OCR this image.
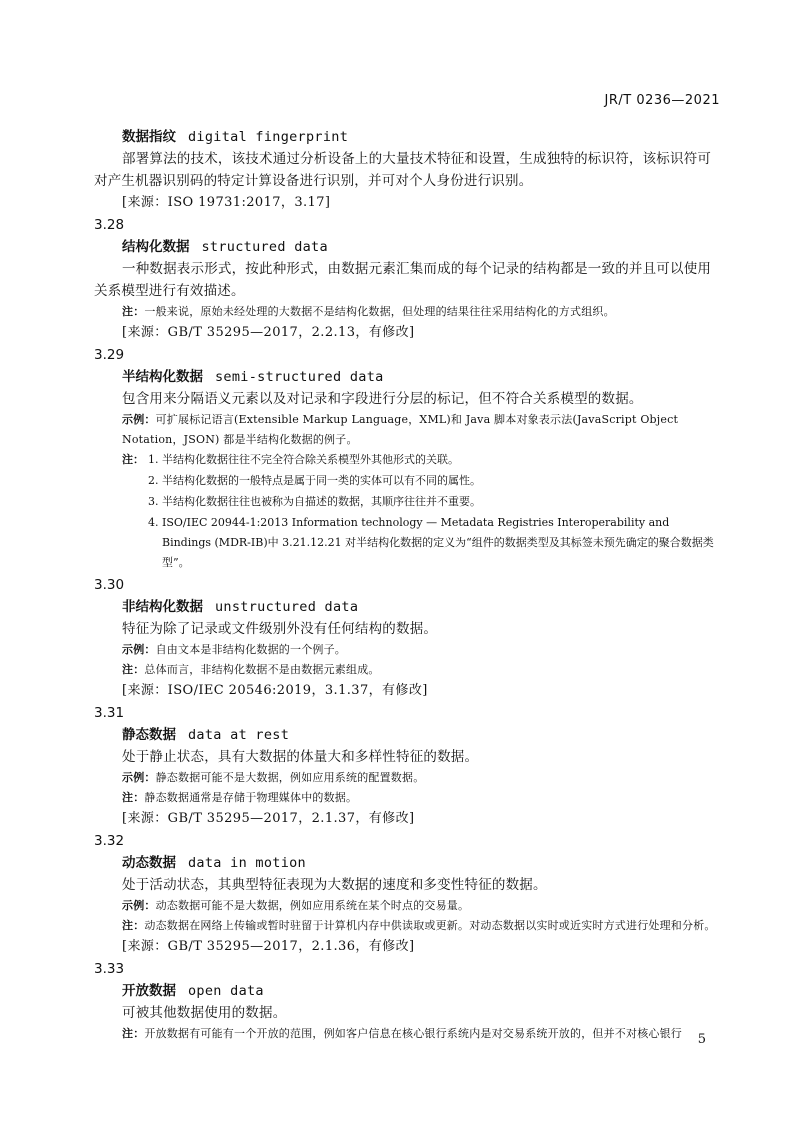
JR/T 0236—2021
数据指纹 digital fingerprint

部署算法的技术，该技术通过分析设备上的大量技术特征和设置，生成独特的标识符，该标识符可对产生机器识别码的特定计算设备进行识别，并可对个人身份进行识别。

[来源：ISO 19731:2017，3.17]
3.28
结构化数据 structured data

一种数据表示形式，按此种形式，由数据元素汇集而成的每个记录的结构都是一致的并且可以使用关系模型进行有效描述。

注：一般来说，原始未经处理的大数据不是结构化数据，但处理的结果往往采用结构化的方式组织。

[来源：GB/T 35295—2017，2.2.13，有修改]
3.29
半结构化数据 semi-structured data

包含用来分隔语义元素以及对记录和字段进行分层的标记，但不符合关系模型的数据。

示例：可扩展标记语言(Extensible Markup Language，XML)和 Java 脚本对象表示法(JavaScript Object Notation，JSON) 都是半结构化数据的例子。

注： 1. 半结构化数据往往不完全符合除关系模型外其他形式的关联。

2. 半结构化数据的一般特点是属于同一类的实体可以有不同的属性。

3. 半结构化数据往往也被称为自描述的数据，其顺序往往并不重要。

4. ISO/IEC 20944-1:2013 Information technology — Metadata Registries Interoperability and Bindings (MDR-IB)中 3.21.12.21 对半结构化数据的定义为“组件的数据类型及其标签未预先确定的聚合数据类型”。

3.30
非结构化数据 unstructured data

特征为除了记录或文件级别外没有任何结构的数据。

示例：自由文本是非结构化数据的一个例子。

注：总体而言，非结构化数据不是由数据元素组成。

[来源：ISO/IEC 20546:2019，3.1.37，有修改]
3.31
静态数据 data at rest

处于静止状态，具有大数据的体量大和多样性特征的数据。

示例：静态数据可能不是大数据，例如应用系统的配置数据。

注：静态数据通常是存储于物理媒体中的数据。

[来源：GB/T 35295—2017，2.1.37，有修改]
3.32
动态数据 data in motion

处于活动状态，其典型特征表现为大数据的速度和多变性特征的数据。

示例：动态数据可能不是大数据，例如应用系统在某个时点的交易量。

注：动态数据在网络上传输或暂时驻留于计算机内存中供读取或更新。对动态数据以实时或近实时方式进行处理和分析。

[来源：GB/T 35295—2017，2.1.36，有修改]
3.33
开放数据 open data

可被其他数据使用的数据。

注：开放数据有可能有一个开放的范围，例如客户信息在核心银行系统内是对交易系统开放的，但并不对核心银行	5
